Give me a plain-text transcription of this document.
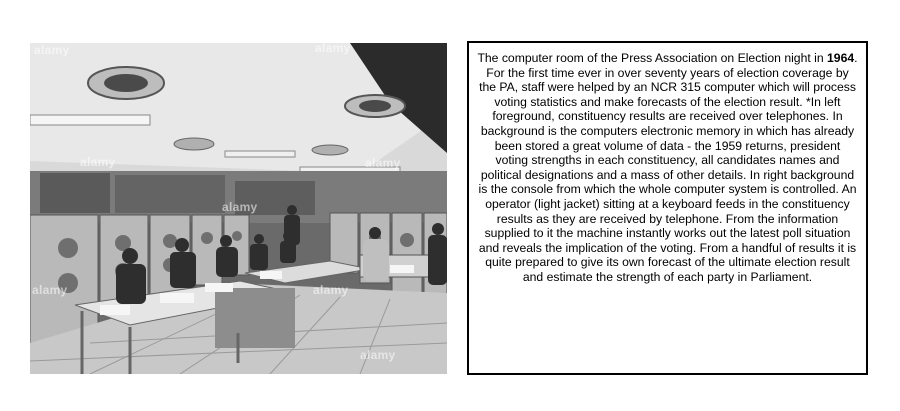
alamy	alamy
alamy	alamy
alamy
alamy	alamy
alamy
The computer room of the Press Association on Election night in 1964. For the first time ever in over seventy years of election coverage by the PA, staff were helped by an NCR 315 computer which will process voting statistics and make forecasts of the election result. *In left foreground, constituency results are received over telephones. In background is the computers electronic memory in which has already been stored a great volume of data - the 1959 returns, president voting strengths in each constituency, all candidates names and political designations and a mass of other details. In right background is the console from which the whole computer system is controlled. An operator (light jacket) sitting at a keyboard feeds in the constituency results as they are received by telephone. From the information supplied to it the machine instantly works out the latest poll situation and reveals the implication of the voting. From a handful of results it is quite prepared to give its own forecast of the ultimate election result and estimate the strength of each party in Parliament.
